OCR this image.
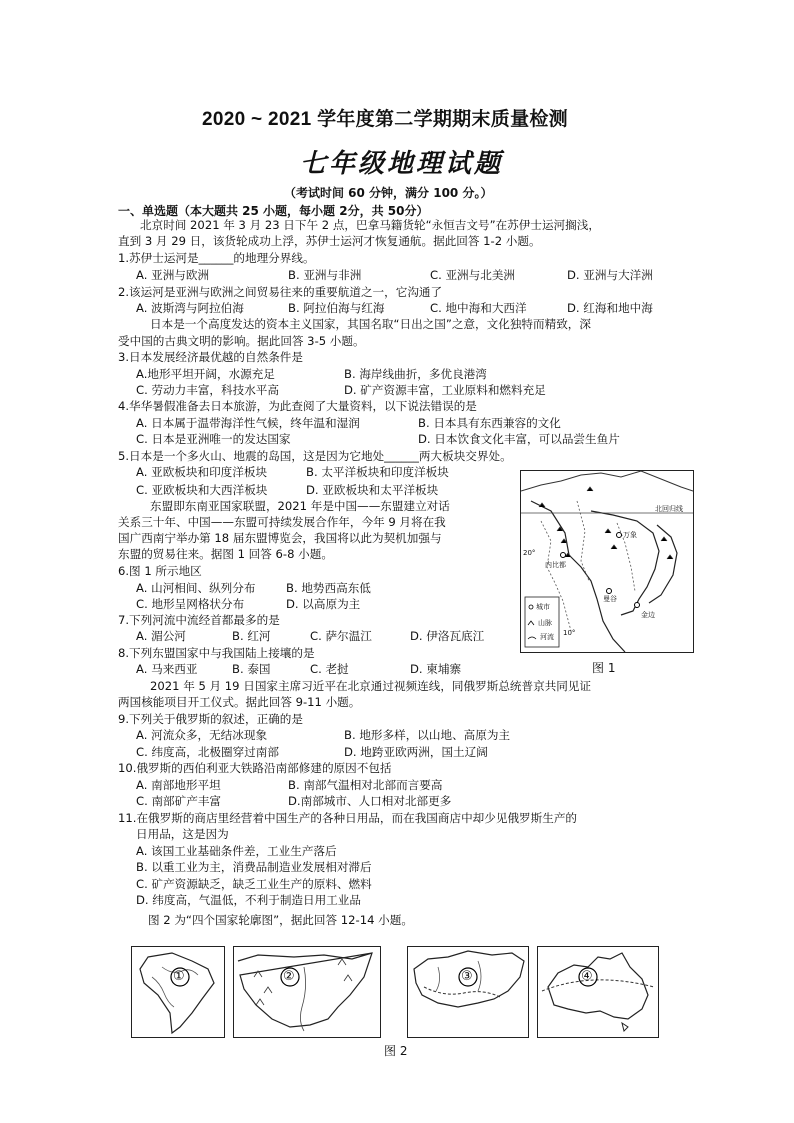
2020 ~ 2021 学年度第二学期期末质量检测
七年级地理试题
（考试时间 60 分钟，满分 100 分。）
一、单选题（本大题共 25 小题，每小题 2分，共 50分）
北京时间 2021 年 3 月 23 日下午 2 点，巴拿马籍货轮“永恒吉文号”在苏伊士运河搁浅，
直到 3 月 29 日，该货轮成功上浮，苏伊士运河才恢复通航。据此回答 1-2 小题。
1.苏伊士运河是______的地理分界线。
A. 亚洲与欧洲	B. 亚洲与非洲	C. 亚洲与北美洲	D. 亚洲与大洋洲
2.该运河是亚洲与欧洲之间贸易往来的重要航道之一，它沟通了
A. 波斯湾与阿拉伯海	B. 阿拉伯海与红海	C. 地中海和大西洋	D. 红海和地中海
日本是一个高度发达的资本主义国家，其国名取“日出之国”之意，文化独特而精致，深
受中国的古典文明的影响。据此回答 3-5 小题。
3.日本发展经济最优越的自然条件是
A.地形平坦开阔，水源充足	B. 海岸线曲折，多优良港湾
C. 劳动力丰富，科技水平高	D. 矿产资源丰富，工业原料和燃料充足
4.华华暑假准备去日本旅游，为此查阅了大量资料，以下说法错误的是
A. 日本属于温带海洋性气候，终年温和湿润	B. 日本具有东西兼容的文化
C. 日本是亚洲唯一的发达国家	D. 日本饮食文化丰富，可以品尝生鱼片
5.日本是一个多火山、地震的岛国，这是因为它地处______两大板块交界处。
A. 亚欧板块和印度洋板块	B. 太平洋板块和印度洋板块
C. 亚欧板块和大西洋板块	D. 亚欧板块和太平洋板块
东盟即东南亚国家联盟，2021 年是中国——东盟建立对话
关系三十年、中国——东盟可持续发展合作年，今年 9 月将在我
国广西南宁举办第 18 届东盟博览会，我国将以此为契机加强与
东盟的贸易往来。据图 1 回答 6-8 小题。
6.图 1 所示地区
A. 山河相间、纵列分布	B. 地势西高东低
C. 地形呈网格状分布	D. 以高原为主
7.下列河流中流经首都最多的是
A. 湄公河	B. 红河	C. 萨尔温江	D. 伊洛瓦底江
8.下列东盟国家中与我国陆上接壤的是
A. 马来西亚	B. 泰国	C. 老挝	D. 柬埔寨
北回归线
20°
10°
内比都
万象
曼谷
金边
城市
山脉
河流
图 1
2021 年 5 月 19 日国家主席习近平在北京通过视频连线，同俄罗斯总统普京共同见证
两国核能项目开工仪式。据此回答 9-11 小题。
9.下列关于俄罗斯的叙述，正确的是
A. 河流众多，无结冰现象	B. 地形多样，以山地、高原为主
C. 纬度高，北极圈穿过南部	D. 地跨亚欧两洲，国土辽阔
10.俄罗斯的西伯利亚大铁路沿南部修建的原因不包括
A. 南部地形平坦	B. 南部气温相对北部而言要高
C. 南部矿产丰富	D.南部城市、人口相对北部更多
11.在俄罗斯的商店里经营着中国生产的各种日用品，而在我国商店中却少见俄罗斯生产的
日用品，这是因为
A. 该国工业基础条件差，工业生产落后
B. 以重工业为主，消费品制造业发展相对滞后
C. 矿产资源缺乏，缺乏工业生产的原料、燃料
D. 纬度高，气温低，不利于制造日用工业品
图 2 为“四个国家轮廓图”，据此回答 12-14 小题。
①	②	③	④
图 2
